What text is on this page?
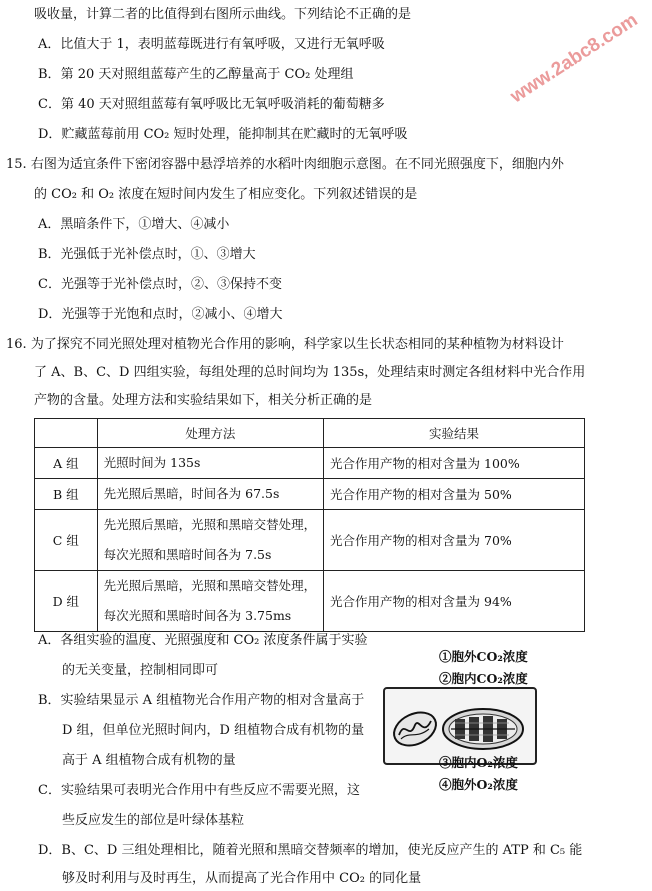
www.2abc8.com
吸收量，计算二者的比值得到右图所示曲线。下列结论不正确的是
A．比值大于 1，表明蓝莓既进行有氧呼吸，又进行无氧呼吸
B．第 20 天对照组蓝莓产生的乙醇量高于 CO₂ 处理组
C．第 40 天对照组蓝莓有氧呼吸比无氧呼吸消耗的葡萄糖多
D．贮藏蓝莓前用 CO₂ 短时处理，能抑制其在贮藏时的无氧呼吸
15. 右图为适宜条件下密闭容器中悬浮培养的水稻叶肉细胞示意图。在不同光照强度下，细胞内外
的 CO₂ 和 O₂ 浓度在短时间内发生了相应变化。下列叙述错误的是
A．黑暗条件下，①增大、④减小
B．光强低于光补偿点时，①、③增大
C．光强等于光补偿点时，②、③保持不变
D．光强等于光饱和点时，②减小、④增大
16. 为了探究不同光照处理对植物光合作用的影响，科学家以生长状态相同的某种植物为材料设计
了 A、B、C、D 四组实验，每组处理的总时间均为 135s，处理结束时测定各组材料中光合作用
产物的含量。处理方法和实验结果如下，相关分析正确的是
	处理方法	实验结果
A 组	光照时间为 135s	光合作用产物的相对含量为 100%
B 组	先光照后黑暗，时间各为 67.5s	光合作用产物的相对含量为 50%
C 组	先光照后黑暗，光照和黑暗交替处理，
每次光照和黑暗时间各为 7.5s	光合作用产物的相对含量为 70%
D 组	先光照后黑暗，光照和黑暗交替处理，
每次光照和黑暗时间各为 3.75ms	光合作用产物的相对含量为 94%
A．各组实验的温度、光照强度和 CO₂ 浓度条件属于实验
的无关变量，控制相同即可
B．实验结果显示 A 组植物光合作用产物的相对含量高于
D 组，但单位光照时间内，D 组植物合成有机物的量
高于 A 组植物合成有机物的量
C．实验结果可表明光合作用中有些反应不需要光照，这
些反应发生的部位是叶绿体基粒
D．B、C、D 三组处理相比，随着光照和黑暗交替频率的增加，使光反应产生的 ATP 和 C₅ 能
够及时利用与及时再生，从而提高了光合作用中 CO₂ 的同化量
①胞外CO₂浓度
②胞内CO₂浓度
③胞内O₂浓度
④胞外O₂浓度
